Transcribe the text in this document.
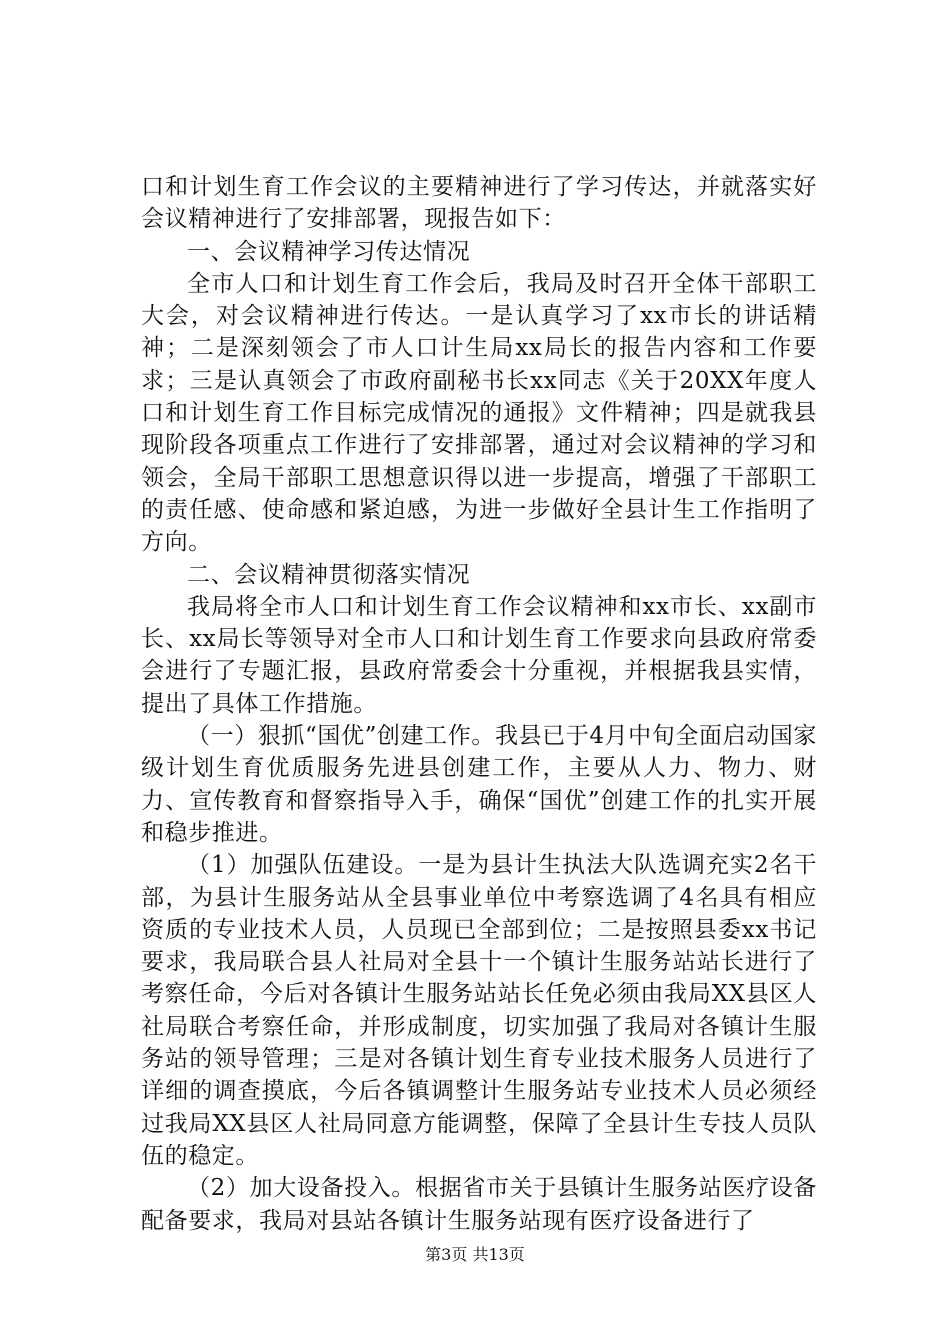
口和计划生育工作会议的主要精神进行了学习传达，并就落实好会议精神进行了安排部署，现报告如下：

一、会议精神学习传达情况

全市人口和计划生育工作会后，我局及时召开全体干部职工大会，对会议精神进行传达。一是认真学习了xx市长的讲话精神；二是深刻领会了市人口计生局xx局长的报告内容和工作要求；三是认真领会了市政府副秘书长xx同志《关于20XX年度人口和计划生育工作目标完成情况的通报》文件精神；四是就我县现阶段各项重点工作进行了安排部署，通过对会议精神的学习和领会，全局干部职工思想意识得以进一步提高，增强了干部职工的责任感、使命感和紧迫感，为进一步做好全县计生工作指明了方向。

二、会议精神贯彻落实情况

我局将全市人口和计划生育工作会议精神和xx市长、xx副市长、xx局长等领导对全市人口和计划生育工作要求向县政府常委会进行了专题汇报，县政府常委会十分重视，并根据我县实情，提出了具体工作措施。

（一）狠抓“国优”创建工作。我县已于4月中旬全面启动国家级计划生育优质服务先进县创建工作，主要从人力、物力、财力、宣传教育和督察指导入手，确保“国优”创建工作的扎实开展和稳步推进。

（1）加强队伍建设。一是为县计生执法大队选调充实2名干部，为县计生服务站从全县事业单位中考察选调了4名具有相应资质的专业技术人员，人员现已全部到位；二是按照县委xx书记要求，我局联合县人社局对全县十一个镇计生服务站站长进行了考察任命，今后对各镇计生服务站站长任免必须由我局XX县区人社局联合考察任命，并形成制度，切实加强了我局对各镇计生服务站的领导管理；三是对各镇计划生育专业技术服务人员进行了详细的调查摸底，今后各镇调整计生服务站专业技术人员必须经过我局XX县区人社局同意方能调整，保障了全县计生专技人员队伍的稳定。

（2）加大设备投入。根据省市关于县镇计生服务站医疗设备配备要求，我局对县站各镇计生服务站现有医疗设备进行了

第3页 共13页
